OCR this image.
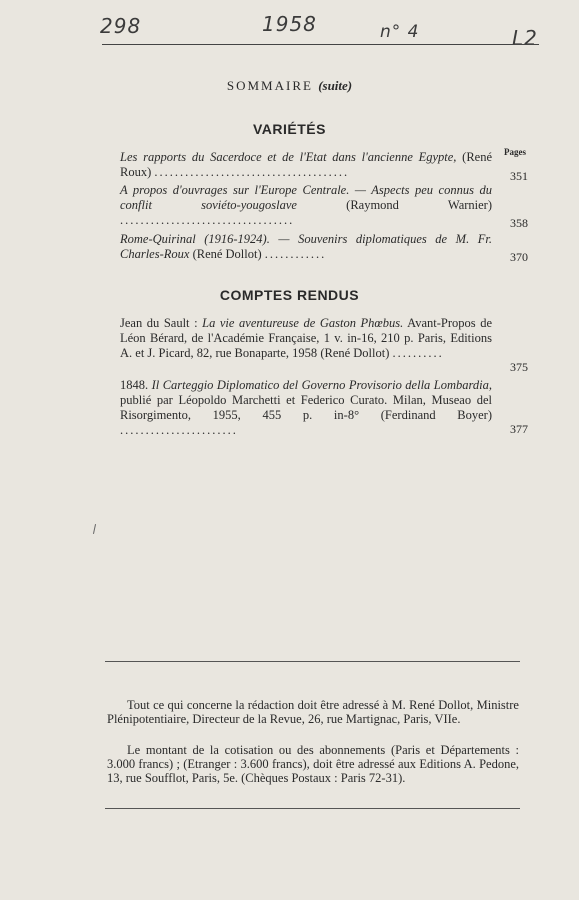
298	1958	n° 4	L2
SOMMAIRE (suite)
VARIÉTÉS
Pages
Les rapports du Sacerdoce et de l'Etat dans l'ancienne Egypte, (René Roux) ......................................	351
A propos d'ouvrages sur l'Europe Centrale. — Aspects peu connus du conflit soviéto-yougoslave	(Raymond Warnier) ..................................	358
Rome-Quirinal (1916-1924). — Souvenirs diplomatiques de M. Fr. Charles-Roux (René Dollot) ............	370
COMPTES RENDUS
Jean du Sault : La vie aventureuse de Gaston Phœbus. Avant-Propos de Léon Bérard, de l'Académie Française, 1 v. in-16, 210 p. Paris, Editions A. et J. Picard, 82, rue Bonaparte, 1958 (René Dollot) ..........
375
1848. Il Carteggio Diplomatico del Governo Provisorio della Lombardia, publié par Léopoldo Marchetti et Federico Curato. Milan, Museao del Risorgimento, 1955, 455 p. in-8° (Ferdinand Boyer) .......................	377

Tout ce qui concerne la rédaction doit être adressé à M. René Dollot, Ministre Plénipotentiaire, Directeur de la Revue, 26, rue Martignac, Paris, VIIe.

Le montant de la cotisation ou des abonnements (Paris et Départements : 3.000 francs) ; (Etranger : 3.600 francs), doit être adressé aux Editions A. Pedone, 13, rue Soufflot, Paris, 5e. (Chèques Postaux : Paris 72-31).
